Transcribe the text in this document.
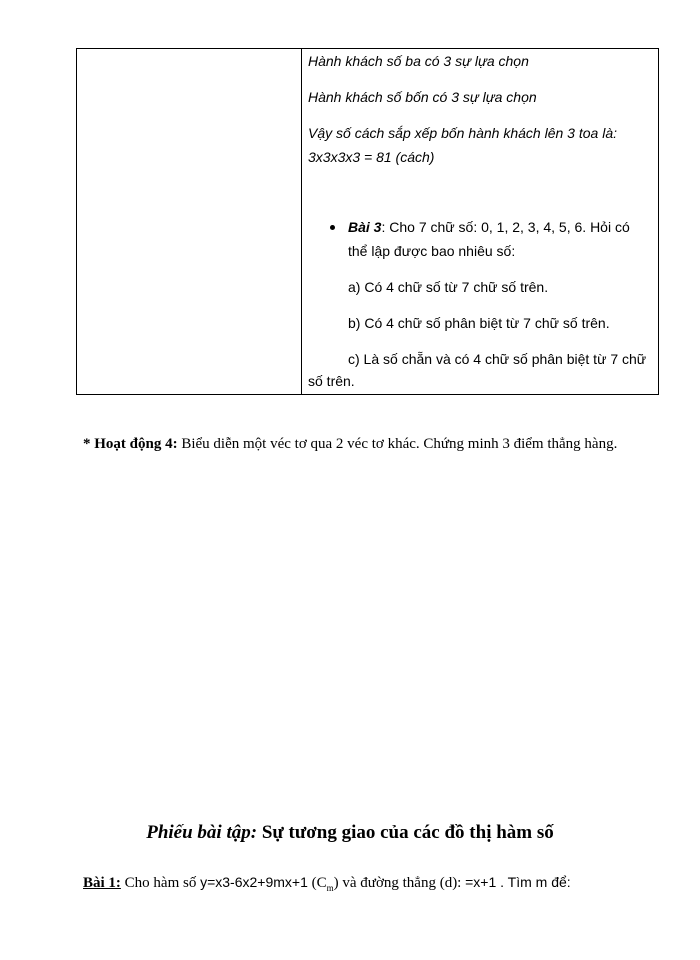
Hành khách số ba có 3 sự lựa chọn
Hành khách số bốn có 3 sự lựa chọn
Vậy số cách sắp xếp bốn hành khách lên 3 toa là:
3x3x3x3 = 81 (cách)
Bài 3: Cho 7 chữ số: 0, 1, 2, 3, 4, 5, 6. Hỏi có
thể lập được bao nhiêu số:
a) Có 4 chữ số từ 7 chữ số trên.
b) Có 4 chữ số phân biệt từ 7 chữ số trên.
c) Là số chẵn và có 4 chữ số phân biệt từ 7 chữ
số trên.
* Hoạt động 4: Biểu diễn một véc tơ qua 2 véc tơ khác. Chứng minh 3 điểm thẳng hàng.
Phiếu bài tập: Sự tương giao của các đồ thị hàm số
Bài 1: Cho hàm số y=x3-6x2+9mx+1 $(C_m)$ và đường thẳng (d): =x+1 . Tìm m để:
